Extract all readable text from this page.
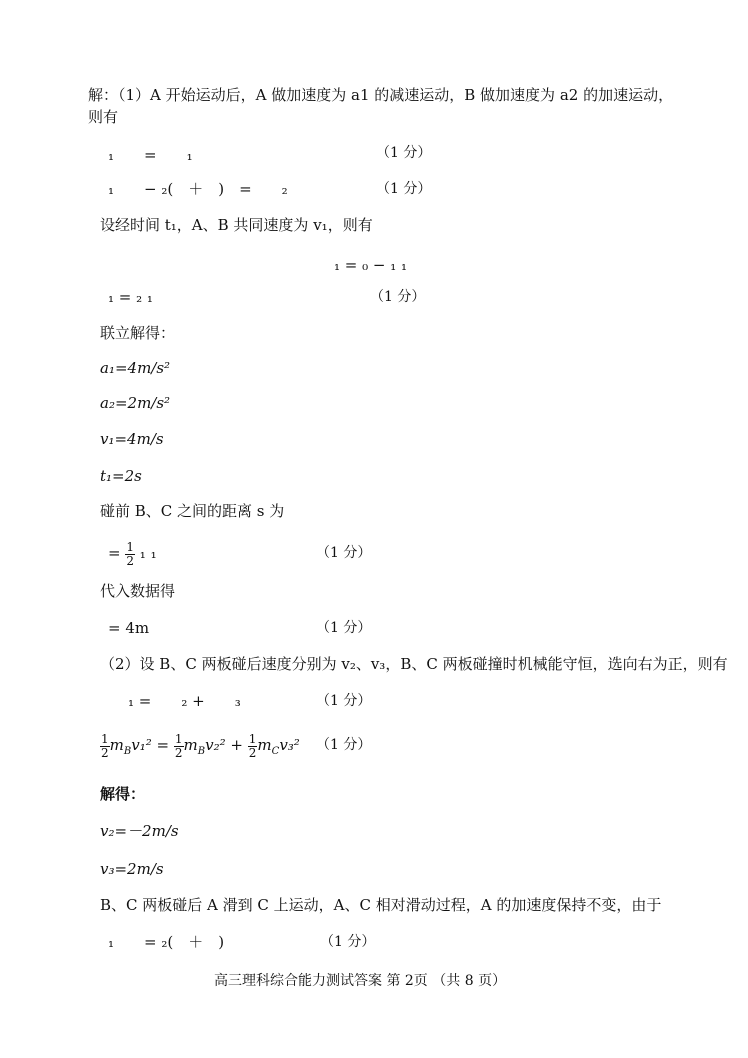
解：（1）A 开始运动后，A 做加速度为 a1 的减速运动，B 做加速度为 a2 的加速运动，
则有
₁　　=　　₁	（1 分）
₁　　− ₂(　＋　)　=　　₂	（1 分）
设经时间 t₁，A、B 共同速度为 v₁，则有
₁ = ₀ − ₁ ₁
₁ = ₂ ₁	（1 分）
联立解得：
a₁=4m/s²
a₂=2m/s²
v₁=4m/s
t₁=2s
碰前 B、C 之间的距离 s 为
= $\frac{1}{2} _1$ ₁	（1 分）
代入数据得
= 4m	（1 分）
（2）设 B、C 两板碰后速度分别为 v₂、v₃，B、C 两板碰撞时机械能守恒，选向右为正，则有
₁ =　　₂ +　　₃	（1 分）
$\frac{1}{2} m_Bv_1^2 = \frac{1}{2} m_Bv_2^2 + \frac{1}{2} m_Cv_3^2$ （1 分）
解得：
v₂=－2m/s
v₃=2m/s
B、C 两板碰后 A 滑到 C 上运动，A、C 相对滑动过程，A 的加速度保持不变，由于
₁　　= ₂(　＋　)	（1 分）
高三理科综合能力测试答案 第 2页 （共 8 页）
